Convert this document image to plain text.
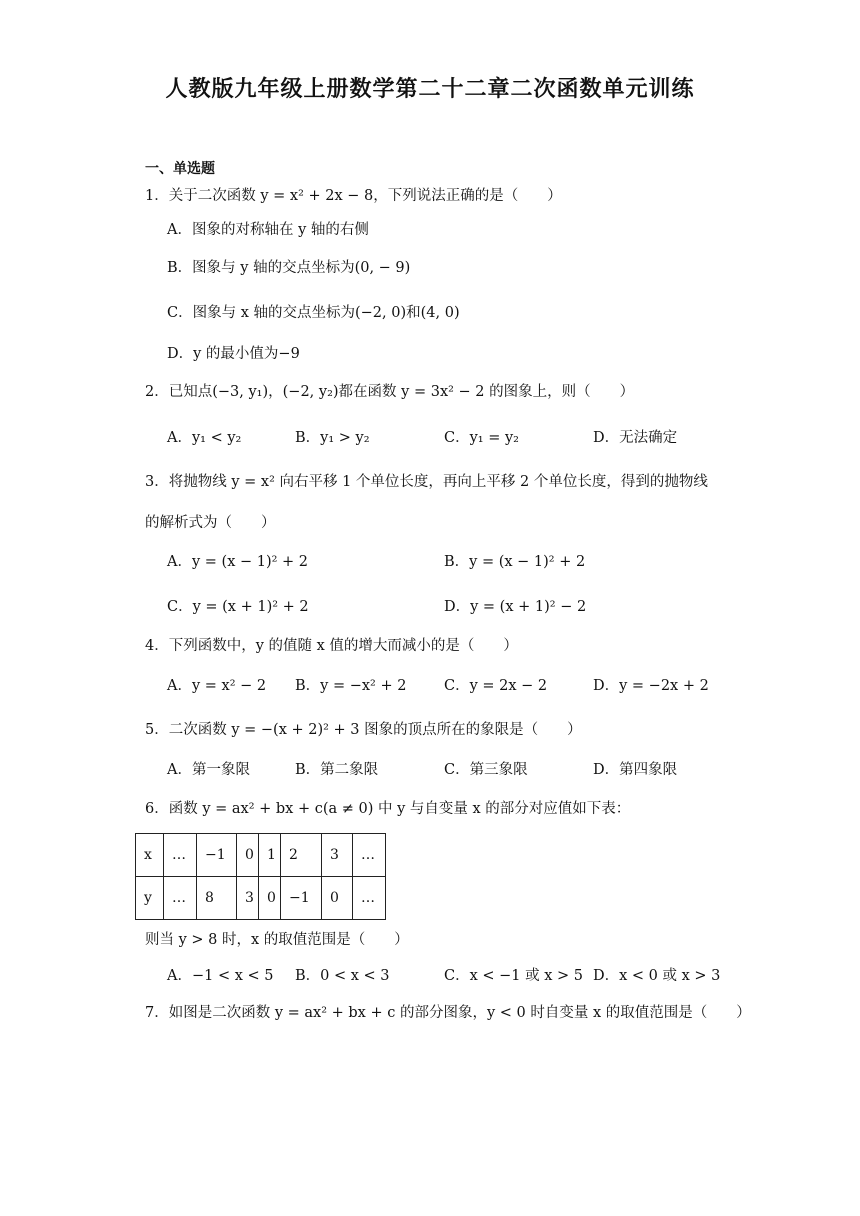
人教版九年级上册数学第二十二章二次函数单元训练
一、单选题
1．关于二次函数 y = x² + 2x − 8，下列说法正确的是（　　）
A．图象的对称轴在 y 轴的右侧
B．图象与 y 轴的交点坐标为(0, − 9)
C．图象与 x 轴的交点坐标为(−2, 0)和(4, 0)
D．y 的最小值为−9
2．已知点(−3, y₁)，(−2, y₂)都在函数 y = 3x² − 2 的图象上，则（　　）
A．y₁ < y₂	B．y₁ > y₂	C．y₁ = y₂	D．无法确定
3．将抛物线 y = x² 向右平移 1 个单位长度，再向上平移 2 个单位长度，得到的抛物线
的解析式为（　　）
A．y = (x − 1)² + 2	B．y = (x − 1)² + 2
C．y = (x + 1)² + 2	D．y = (x + 1)² − 2
4．下列函数中，y 的值随 x 值的增大而减小的是（　　）
A．y = x² − 2 B．y = −x² + 2	C．y = 2x − 2	D．y = −2x + 2
5．二次函数 y = −(x + 2)² + 3 图象的顶点所在的象限是（　　）
A．第一象限	B．第二象限	C．第三象限	D．第四象限
6．函数 y = ax² + bx + c(a ≠ 0) 中 y 与自变量 x 的部分对应值如下表：
x	…	−1	0	1	2	3	…
y	…	8	3	0	−1	0	…
则当 y > 8 时，x 的取值范围是（　　）
A．−1 < x < 5 B．0 < x < 3	C．x < −1 或 x > 5 D．x < 0 或 x > 3
7．如图是二次函数 y = ax² + bx + c 的部分图象，y < 0 时自变量 x 的取值范围是（　　）
